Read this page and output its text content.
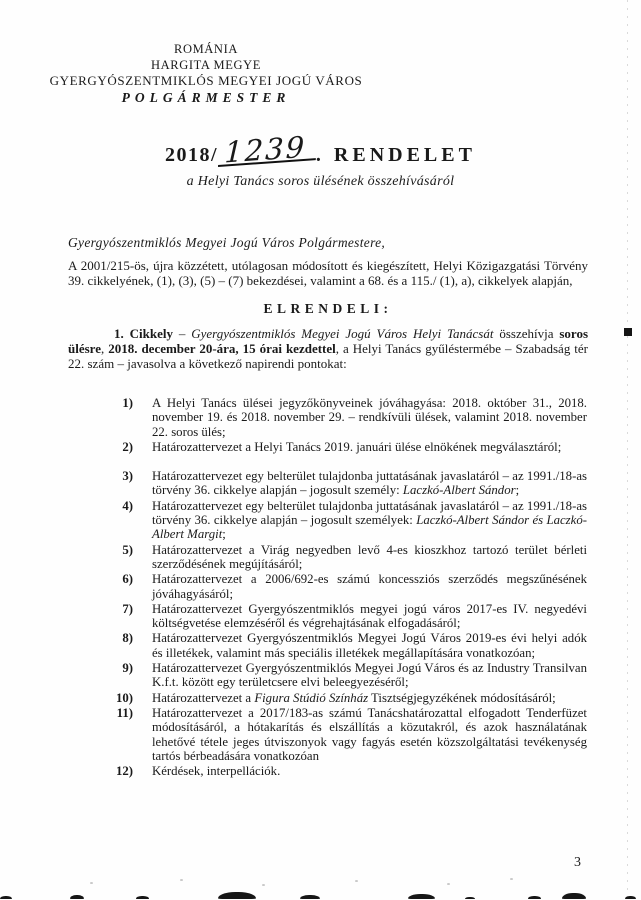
ROMÁNIA
HARGITA MEGYE
GYERGYÓSZENTMIKLÓS MEGYEI JOGÚ VÁROS
POLGÁRMESTER
2018/ 1239 . RENDELET
a Helyi Tanács soros ülésének összehívásáról
Gyergyószentmiklós Megyei Jogú Város Polgármestere,
A 2001/215-ös, újra közzétett, utólagosan módosított és kiegészített, Helyi Közigazgatási Törvény 39. cikkelyének, (1), (3), (5) – (7) bekezdései, valamint a 68. és a 115./ (1), a), cikkelyek alapján,
ELRENDELI:
1. Cikkely – Gyergyószentmiklós Megyei Jogú Város Helyi Tanácsát összehívja soros ülésre, 2018. december 20-ára, 15 órai kezdettel, a Helyi Tanács gyűléstermébe – Szabadság tér 22. szám – javasolva a következő napirendi pontokat:
1) A Helyi Tanács ülései jegyzőkönyveinek jóváhagyása: 2018. október 31., 2018. november 19. és 2018. november 29. – rendkívüli ülések, valamint 2018. november 22. soros ülés;
2) Határozattervezet a Helyi Tanács 2019. januári ülése elnökének megválasztáról;
3) Határozattervezet egy belterület tulajdonba juttatásának javaslatáról – az 1991./18-as törvény 36. cikkelye alapján – jogosult személy: Laczkó-Albert Sándor;
4) Határozattervezet egy belterület tulajdonba juttatásának javaslatáról – az 1991./18-as törvény 36. cikkelye alapján – jogosult személyek: Laczkó-Albert Sándor és Laczkó-Albert Margit;
5) Határozattervezet a Virág negyedben levő 4-es kioszkhoz tartozó terület bérleti szerződésének megújításáról;
6) Határozattervezet a 2006/692-es számú koncessziós szerződés megszűnésének jóváhagyásáról;
7) Határozattervezet Gyergyószentmiklós megyei jogú város 2017-es IV. negyedévi költségvetése elemzéséről és végrehajtásának elfogadásáról;
8) Határozattervezet Gyergyószentmiklós Megyei Jogú Város 2019-es évi helyi adók és illetékek, valamint más speciális illetékek megállapítására vonatkozóan;
9) Határozattervezet Gyergyószentmiklós Megyei Jogú Város és az Industry Transilvan K.f.t. között egy területcsere elvi beleegyezéséről;
10) Határozattervezet a Figura Stúdió Színház Tisztségjegyzékének módosításáról;
11) Határozattervezet a 2017/183-as számú Tanácshatározattal elfogadott Tenderfüzet módosításáról, a hótakarítás és elszállítás a közutakról, és azok használatának lehetővé tétele jeges útviszonyok vagy fagyás esetén közszolgáltatási tevékenység tartós bérbeadására vonatkozóan
12) Kérdések, interpellációk.
3
